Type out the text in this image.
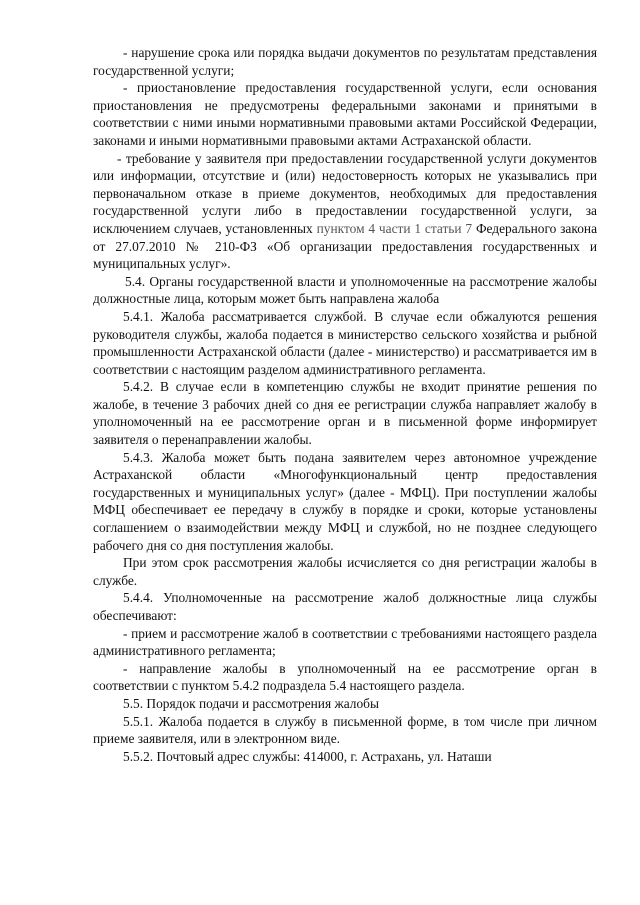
- нарушение срока или порядка выдачи документов по результатам представления государственной услуги;

- приостановление предоставления государственной услуги, если основания приостановления не предусмотрены федеральными законами и принятыми в соответствии с ними иными нормативными правовыми актами Российской Федерации, законами и иными нормативными правовыми актами Астраханской области.

- требование у заявителя при предоставлении государственной услуги документов или информации, отсутствие и (или) недостоверность которых не указывались при первоначальном отказе в приеме документов, необходимых для предоставления государственной услуги либо в предоставлении государственной услуги, за исключением случаев, установленных пунктом 4 части 1 статьи 7 Федерального закона от 27.07.2010 № 210-ФЗ «Об организации предоставления государственных и муниципальных услуг».

5.4. Органы государственной власти и уполномоченные на рассмотрение жалобы должностные лица, которым может быть направлена жалоба

5.4.1. Жалоба рассматривается службой. В случае если обжалуются решения руководителя службы, жалоба подается в министерство сельского хозяйства и рыбной промышленности Астраханской области (далее - министерство) и рассматривается им в соответствии с настоящим разделом административного регламента.

5.4.2. В случае если в компетенцию службы не входит принятие решения по жалобе, в течение 3 рабочих дней со дня ее регистрации служба направляет жалобу в уполномоченный на ее рассмотрение орган и в письменной форме информирует заявителя о перенаправлении жалобы.

5.4.3. Жалоба может быть подана заявителем через автономное учреждение Астраханской области «Многофункциональный центр предоставления государственных и муниципальных услуг» (далее - МФЦ). При поступлении жалобы МФЦ обеспечивает ее передачу в службу в порядке и сроки, которые установлены соглашением о взаимодействии между МФЦ и службой, но не позднее следующего рабочего дня со дня поступления жалобы.

При этом срок рассмотрения жалобы исчисляется со дня регистрации жалобы в службе.

5.4.4. Уполномоченные на рассмотрение жалоб должностные лица службы обеспечивают:

- прием и рассмотрение жалоб в соответствии с требованиями настоящего раздела административного регламента;

- направление жалобы в уполномоченный на ее рассмотрение орган в соответствии с пунктом 5.4.2 подраздела 5.4 настоящего раздела.

5.5. Порядок подачи и рассмотрения жалобы

5.5.1. Жалоба подается в службу в письменной форме, в том числе при личном приеме заявителя, или в электронном виде.

5.5.2. Почтовый адрес службы: 414000, г. Астрахань, ул. Наташи
